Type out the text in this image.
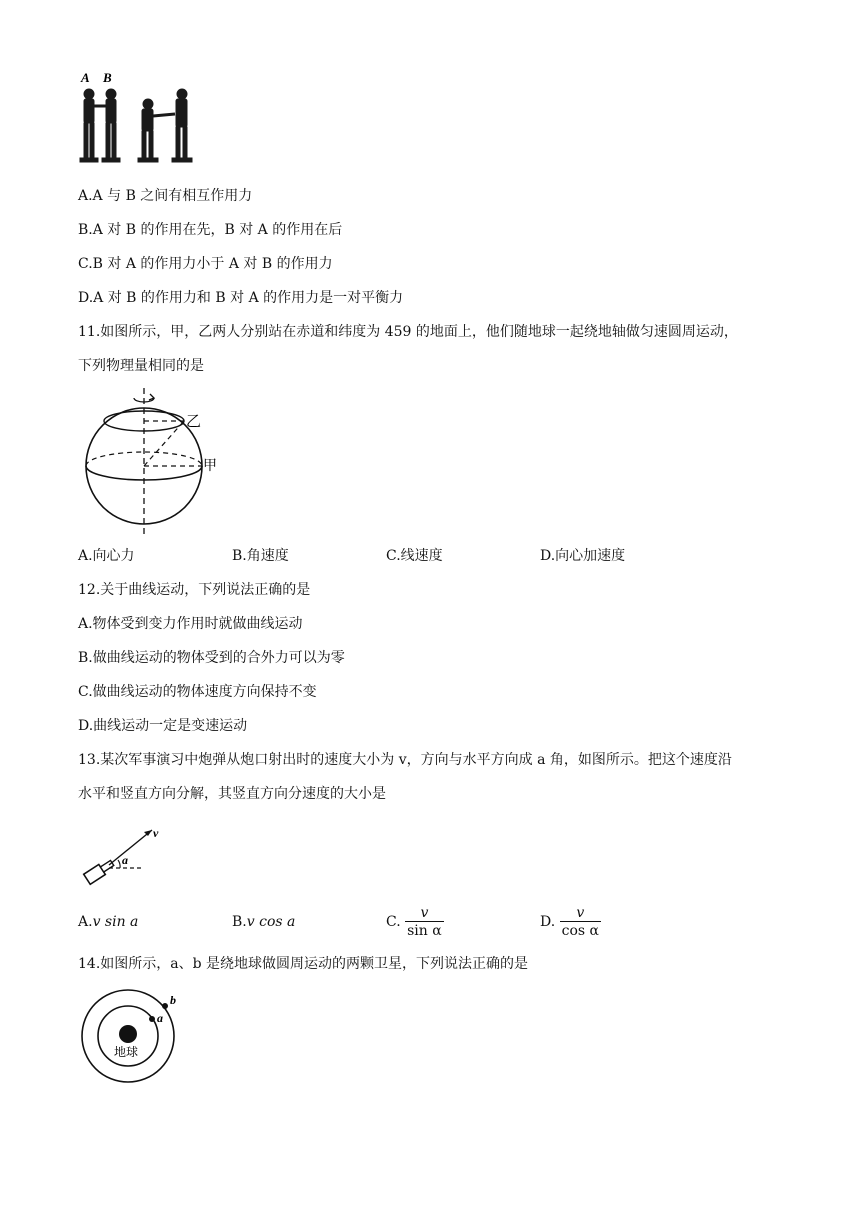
A B
A.A 与 B 之间有相互作用力
B.A 对 B 的作用在先，B 对 A 的作用在后
C.B 对 A 的作用力小于 A 对 B 的作用力
D.A 对 B 的作用力和 B 对 A 的作用力是一对平衡力
11.如图所示，甲，乙两人分别站在赤道和纬度为 459 的地面上，他们随地球一起绕地轴做匀速圆周运动，
下列物理量相同的是
乙
甲
A.向心力	B.角速度	C.线速度	D.向心加速度
12.关于曲线运动，下列说法正确的是
A.物体受到变力作用时就做曲线运动
B.做曲线运动的物体受到的合外力可以为零
C.做曲线运动的物体速度方向保持不变
D.曲线运动一定是变速运动
13.某次军事演习中炮弹从炮口射出时的速度大小为 v，方向与水平方向成 a 角，如图所示。把这个速度沿
水平和竖直方向分解，其竖直方向分速度的大小是
v
a
A.v sin a	B.v cos a	C. $\frac{v}{\text{sin α}}$	D. $\frac{v}{\text{cos α}}$
14.如图所示，a、b 是绕地球做圆周运动的两颗卫星，下列说法正确的是
a
b
地球
